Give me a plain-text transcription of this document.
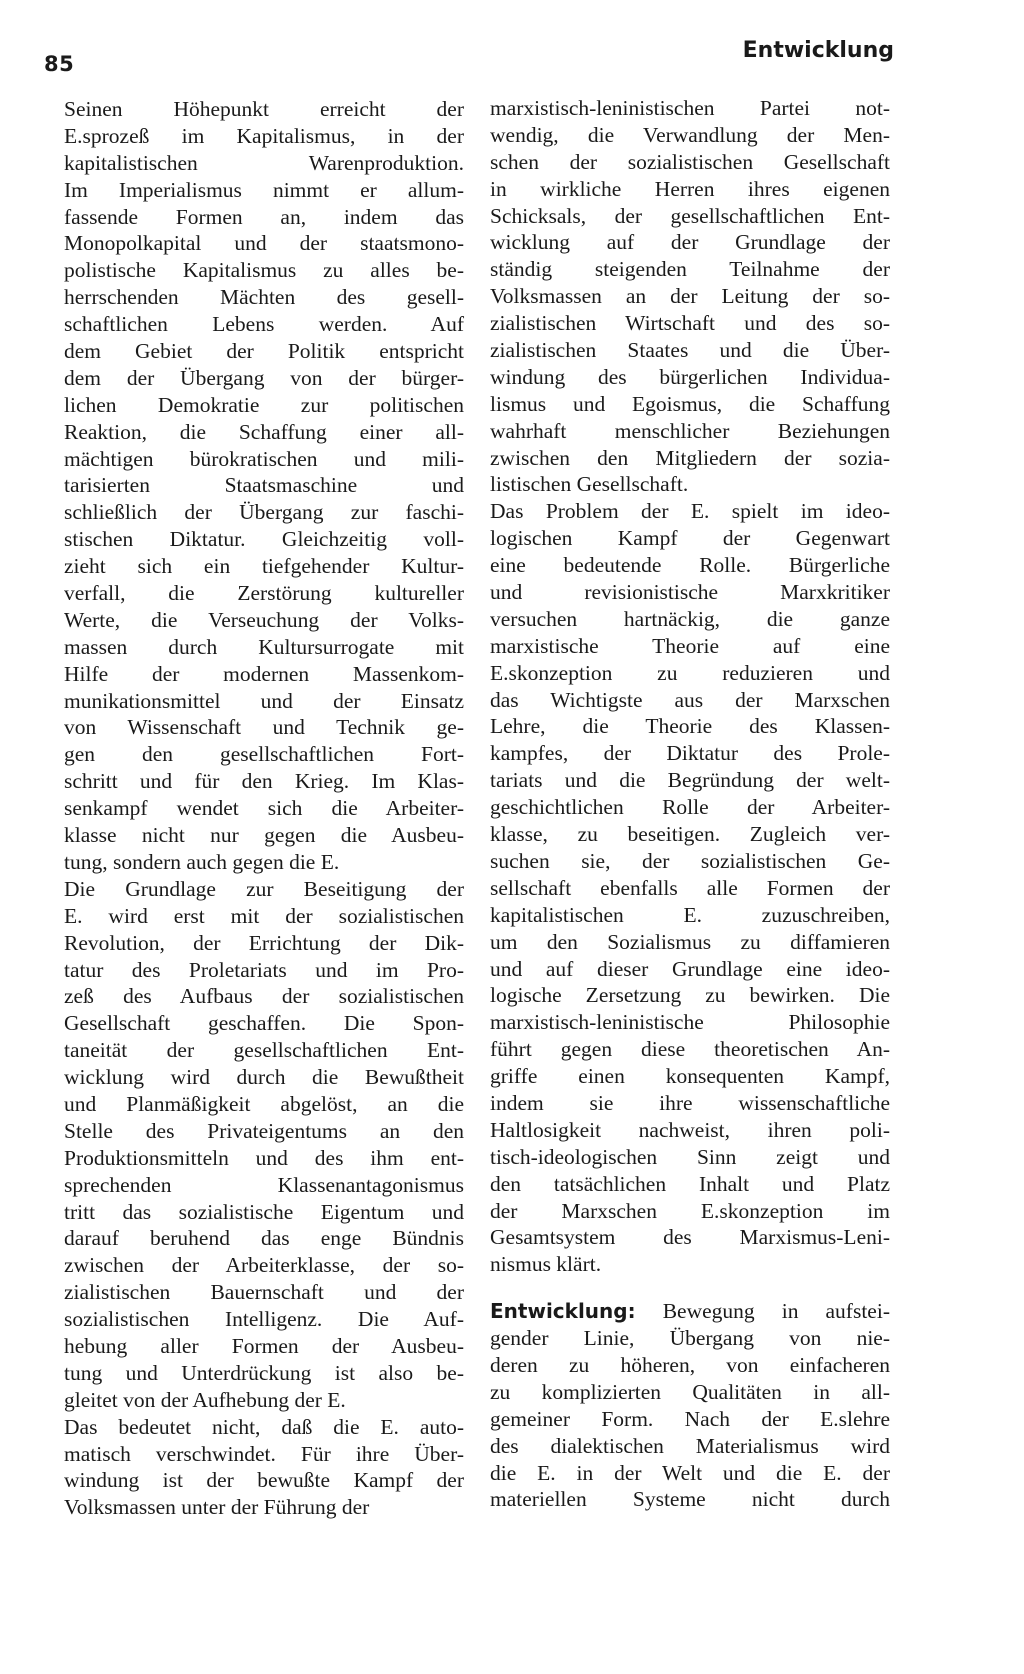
85
Entwicklung
Seinen Höhepunkt erreicht der
E.sprozeß im Kapitalismus, in der
kapitalistischen Warenproduktion.
Im Imperialismus nimmt er allum-
fassende Formen an, indem das
Monopolkapital und der staatsmono-
polistische Kapitalismus zu alles be-
herrschenden Mächten des gesell-
schaftlichen Lebens werden. Auf
dem Gebiet der Politik entspricht
dem der Übergang von der bürger-
lichen Demokratie zur politischen
Reaktion, die Schaffung einer all-
mächtigen bürokratischen und mili-
tarisierten Staatsmaschine und
schließlich der Übergang zur faschi-
stischen Diktatur. Gleichzeitig voll-
zieht sich ein tiefgehender Kultur-
verfall, die Zerstörung kultureller
Werte, die Verseuchung der Volks-
massen durch Kultursurrogate mit
Hilfe der modernen Massenkom-
munikationsmittel und der Einsatz
von Wissenschaft und Technik ge-
gen den gesellschaftlichen Fort-
schritt und für den Krieg. Im Klas-
senkampf wendet sich die Arbeiter-
klasse nicht nur gegen die Ausbeu-
tung, sondern auch gegen die E.
Die Grundlage zur Beseitigung der
E. wird erst mit der sozialistischen
Revolution, der Errichtung der Dik-
tatur des Proletariats und im Pro-
zeß des Aufbaus der sozialistischen
Gesellschaft geschaffen. Die Spon-
taneität der gesellschaftlichen Ent-
wicklung wird durch die Bewußtheit
und Planmäßigkeit abgelöst, an die
Stelle des Privateigentums an den
Produktionsmitteln und des ihm ent-
sprechenden Klassenantagonismus
tritt das sozialistische Eigentum und
darauf beruhend das enge Bündnis
zwischen der Arbeiterklasse, der so-
zialistischen Bauernschaft und der
sozialistischen Intelligenz. Die Auf-
hebung aller Formen der Ausbeu-
tung und Unterdrückung ist also be-
gleitet von der Aufhebung der E.
Das bedeutet nicht, daß die E. auto-
matisch verschwindet. Für ihre Über-
windung ist der bewußte Kampf der
Volksmassen unter der Führung der
marxistisch-leninistischen Partei not-
wendig, die Verwandlung der Men-
schen der sozialistischen Gesellschaft
in wirkliche Herren ihres eigenen
Schicksals, der gesellschaftlichen Ent-
wicklung auf der Grundlage der
ständig steigenden Teilnahme der
Volksmassen an der Leitung der so-
zialistischen Wirtschaft und des so-
zialistischen Staates und die Über-
windung des bürgerlichen Individua-
lismus und Egoismus, die Schaffung
wahrhaft menschlicher Beziehungen
zwischen den Mitgliedern der sozia-
listischen Gesellschaft.
Das Problem der E. spielt im ideo-
logischen Kampf der Gegenwart
eine bedeutende Rolle. Bürgerliche
und revisionistische Marxkritiker
versuchen hartnäckig, die ganze
marxistische Theorie auf eine
E.skonzeption zu reduzieren und
das Wichtigste aus der Marxschen
Lehre, die Theorie des Klassen-
kampfes, der Diktatur des Prole-
tariats und die Begründung der welt-
geschichtlichen Rolle der Arbeiter-
klasse, zu beseitigen. Zugleich ver-
suchen sie, der sozialistischen Ge-
sellschaft ebenfalls alle Formen der
kapitalistischen E. zuzuschreiben,
um den Sozialismus zu diffamieren
und auf dieser Grundlage eine ideo-
logische Zersetzung zu bewirken. Die
marxistisch-leninistische Philosophie
führt gegen diese theoretischen An-
griffe einen konsequenten Kampf,
indem sie ihre wissenschaftliche
Haltlosigkeit nachweist, ihren poli-
tisch-ideologischen Sinn zeigt und
den tatsächlichen Inhalt und Platz
der Marxschen E.skonzeption im
Gesamtsystem des Marxismus-Leni-
nismus klärt.
Entwicklung: Bewegung in aufstei-
gender Linie, Übergang von nie-
deren zu höheren, von einfacheren
zu komplizierten Qualitäten in all-
gemeiner Form. Nach der E.slehre
des dialektischen Materialismus wird
die E. in der Welt und die E. der
materiellen Systeme nicht durch
